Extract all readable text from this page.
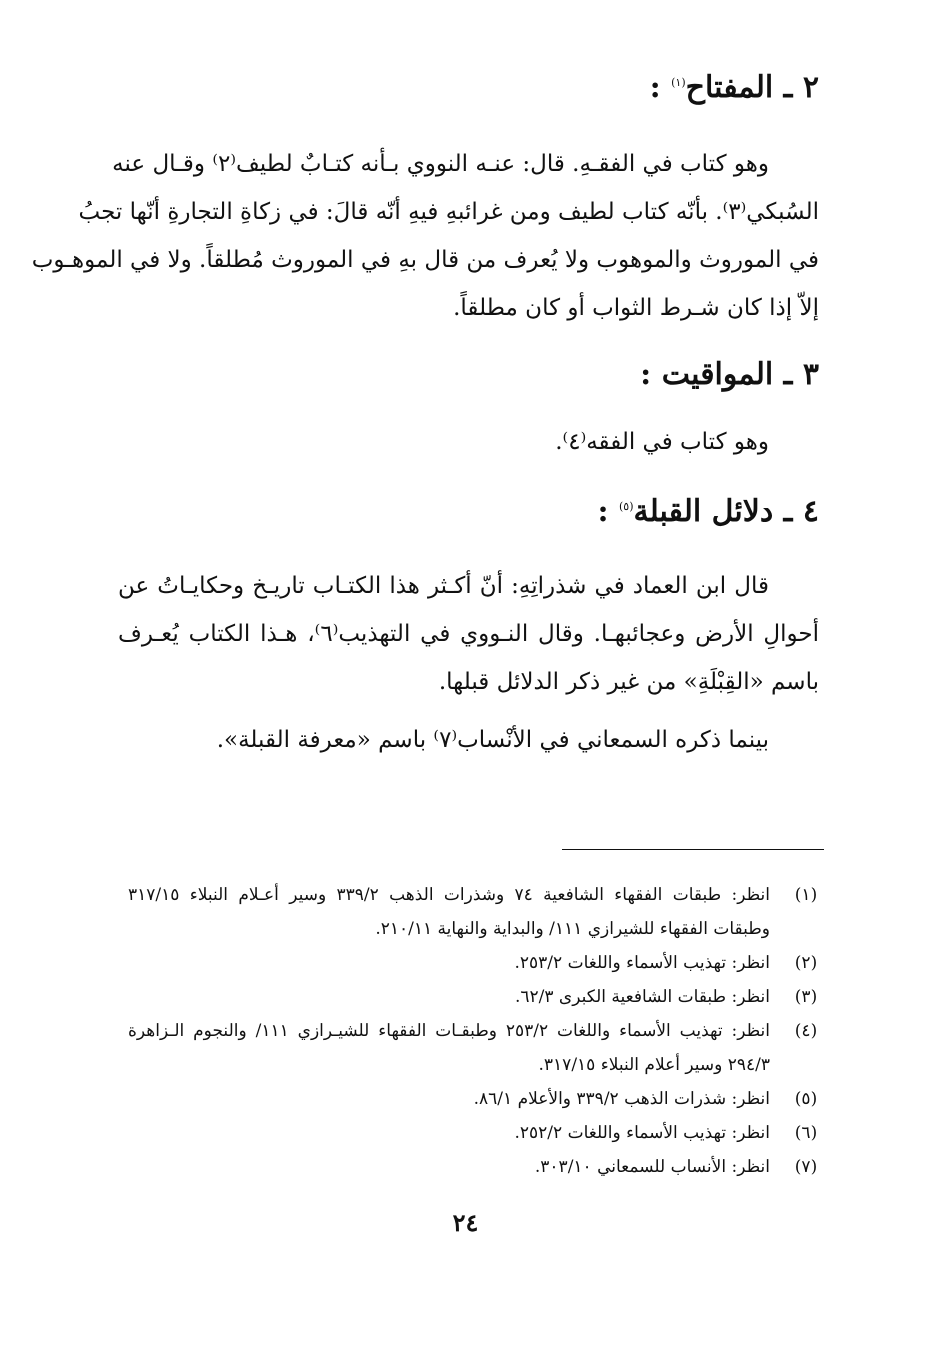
٢ ـ المفتاح$^{(١)}$ :
وهو كتاب في الفقـهِ. قال: عنـه النووي بـأنه كتـابٌ لطيف⁽٢⁾ وقـال عنه
السُبكي⁽٣⁾. بأنّه كتاب لطيف ومن غرائبهِ فيهِ أنّه قالَ: في زكاةِ التجارةِ أنّها تجبُ
في الموروث والموهوب ولا يُعرف من قال بهِ في الموروث مُطلقاً. ولا في الموهـوب
إلاّ إذا كان شـرط الثواب أو كان مطلقاً.
٣ ـ المواقيت :
وهو كتاب في الفقه⁽٤⁾.
٤ ـ دلائل القبلة$^{(٥)}$ :
قال ابن العماد في شذراتِهِ: أنّ أكـثر هذا الكتـاب تاريـخ وحكايـاتُ عن
أحوالِ الأرض وعجائبهـا. وقال النـووي في التهذيب⁽٦⁾، هـذا الكتاب يُعـرف
باسم «القِبْلَةِ» من غير ذكر الدلائل قبلها.
بينما ذكره السمعاني في الأنْساب⁽٧⁾ باسم «معرفة القبلة».
(١)
انظر: طبقات الفقهاء الشافعية ٧٤ وشذرات الذهب ٣٣٩/٢ وسير أعـلام النبلاء ٣١٧/١٥ وطبقات الفقهاء للشيرازي ١١١/ والبداية والنهاية ٢١٠/١١.
(٢)
انظر: تهذيب الأسماء واللغات ٢٥٣/٢.
(٣)
انظر: طبقات الشافعية الكبرى ٦٢/٣.
(٤)
انظر: تهذيب الأسماء واللغات ٢٥٣/٢ وطبقـات الفقهاء للشيـرازي ١١١/ والنجوم الـزاهرة ٢٩٤/٣ وسير أعلام النبلاء ٣١٧/١٥.
(٥)
انظر: شذرات الذهب ٣٣٩/٢ والأعلام ٨٦/١.
(٦)
انظر: تهذيب الأسماء واللغات ٢٥٢/٢.
(٧)
انظر: الأنساب للسمعاني ٣٠٣/١٠.
٢٤
